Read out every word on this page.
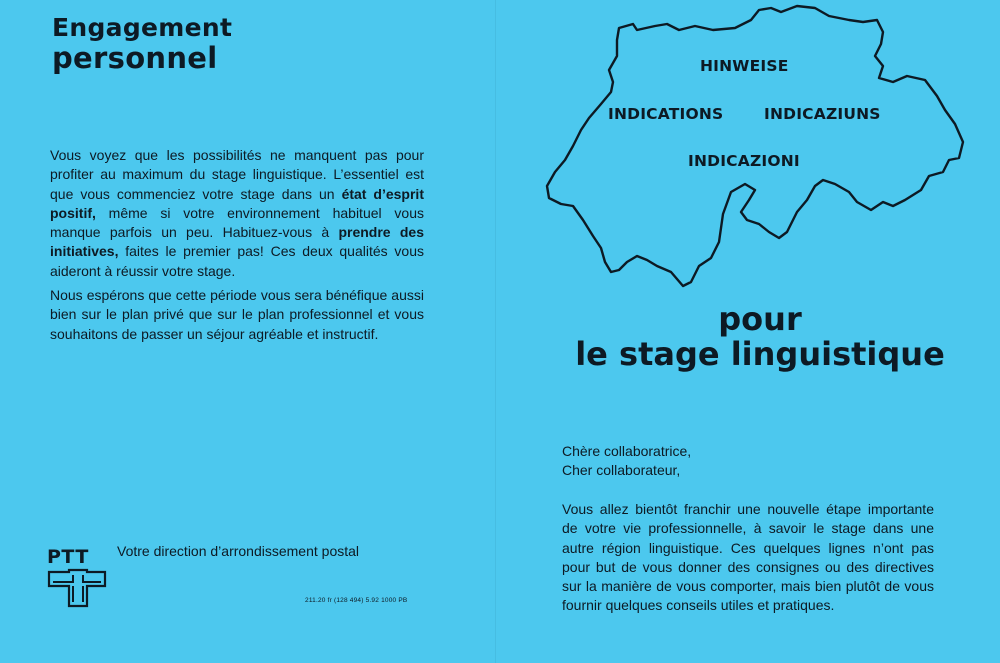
Engagement
personnel

Vous voyez que les possibilités ne manquent pas pour profiter au maximum du stage linguistique. L’essentiel est que vous commenciez votre stage dans un état d’esprit positif, même si votre environnement habituel vous manque parfois un peu. Habituez-vous à prendre des initiatives, faites le premier pas! Ces deux qualités vous aideront à réussir votre stage.

Nous espérons que cette période vous sera bénéfique aussi bien sur le plan privé que sur le plan professionnel et vous souhaitons de passer un séjour agréable et instructif.

PTT Votre direction d’arrondissement postal

211.20 fr (128 494) 5.92 1000 PB
HINWEISE
INDICATIONS	INDICAZIUNS
INDICAZIONI
pour
le stage linguistique

Chère collaboratrice,
Cher collaborateur,

Vous allez bientôt franchir une nouvelle étape importante de votre vie professionnelle, à savoir le stage dans une autre région linguistique. Ces quelques lignes n’ont pas pour but de vous donner des consignes ou des directives sur la manière de vous comporter, mais bien plutôt de vous fournir quelques conseils utiles et pratiques.
